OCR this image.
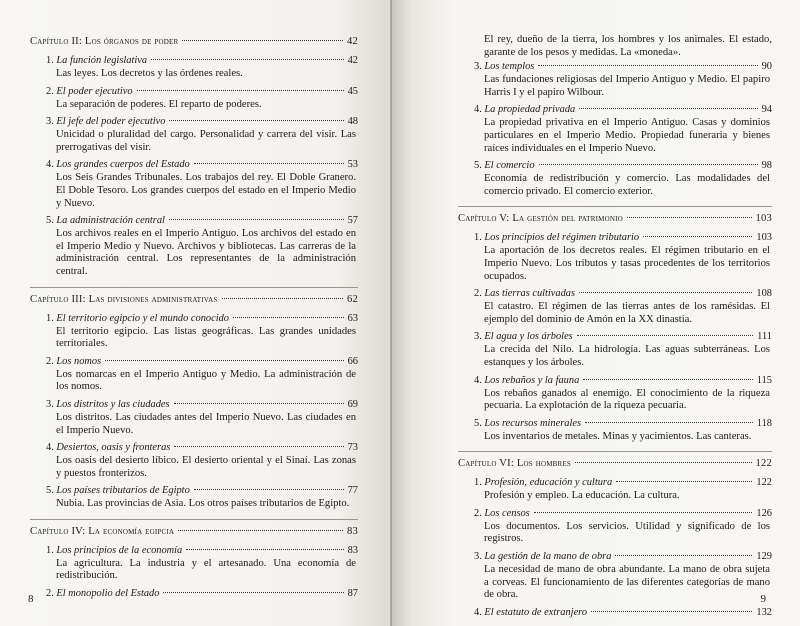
Capítulo II: Los órganos de poder	42
1. La función legislativa	42
Las leyes. Los decretos y las órdenes reales.
2. El poder ejecutivo	45
La separación de poderes. El reparto de poderes.
3. El jefe del poder ejecutivo	48
Unicidad o pluralidad del cargo. Personalidad y carrera del visir. Las prerrogativas del visir.
4. Los grandes cuerpos del Estado	53
Los Seis Grandes Tribunales. Los trabajos del rey. El Doble Granero. El Doble Tesoro. Los grandes cuerpos del estado en el Imperio Medio y Nuevo.
5. La administración central	57
Los archivos reales en el Imperio Antiguo. Los archivos del estado en el Imperio Medio y Nuevo. Archivos y bibliotecas. Las carreras de la administración central. Los representantes de la administración central.
Capítulo III: Las divisiones administrativas	62
1. El territorio egipcio y el mundo conocido	63
El territorio egipcio. Las listas geográficas. Las grandes unidades territoriales.
2. Los nomos	66
Los nomarcas en el Imperio Antiguo y Medio. La administración de los nomos.
3. Los distritos y las ciudades	69
Los distritos. Las ciudades antes del Imperio Nuevo. Las ciudades en el Imperio Nuevo.
4. Desiertos, oasis y fronteras	73
Los oasis del desierto líbico. El desierto oriental y el Sinaí. Las zonas y puestos fronterizos.
5. Los países tributarios de Egipto	77
Nubia. Las provincias de Asia. Los otros países tributarios de Egipto.
Capítulo IV: La economía egipcia	83
1. Los principios de la economía	83
La agricultura. La industria y el artesanado. Una economía de redistribución.
2. El monopolio del Estado	87
8
El rey, dueño de la tierra, los hombres y los animales. El estado, garante de los pesos y medidas. La «moneda».
3. Los templos	90
Las fundaciones religiosas del Imperio Antiguo y Medio. El papiro Harris I y el papiro Wilbour.
4. La propiedad privada	94
La propiedad privativa en el Imperio Antiguo. Casas y dominios particulares en el Imperio Medio. Propiedad funeraria y bienes raíces individuales en el Imperio Nuevo.
5. El comercio	98
Economía de redistribución y comercio. Las modalidades del comercio privado. El comercio exterior.
Capítulo V: La gestión del patrimonio	103
1. Los principios del régimen tributario	103
La aportación de los decretos reales. El régimen tributario en el Imperio Nuevo. Los tributos y tasas procedentes de los territorios ocupados.
2. Las tierras cultivadas	108
El catastro. El régimen de las tierras antes de los ramésidas. El ejemplo del dominio de Amón en la XX dinastía.
3. El agua y los árboles	111
La crecida del Nilo. La hidrología. Las aguas subterráneas. Los estanques y los árboles.
4. Los rebaños y la fauna	115
Los rebaños ganados al enemigo. El conocimiento de la riqueza pecuaria. La explotación de la riqueza pecuaria.
5. Los recursos minerales	118
Los inventarios de metales. Minas y yacimientos. Las canteras.
Capítulo VI: Los hombres	122
1. Profesión, educación y cultura	122
Profesión y empleo. La educación. La cultura.
2. Los censos	126
Los documentos. Los servicios. Utilidad y significado de los registros.
3. La gestión de la mano de obra	129
La necesidad de mano de obra abundante. La mano de obra sujeta a corveas. El funcionamiento de las diferentes categorías de mano de obra.
4. El estatuto de extranjero	132
9
